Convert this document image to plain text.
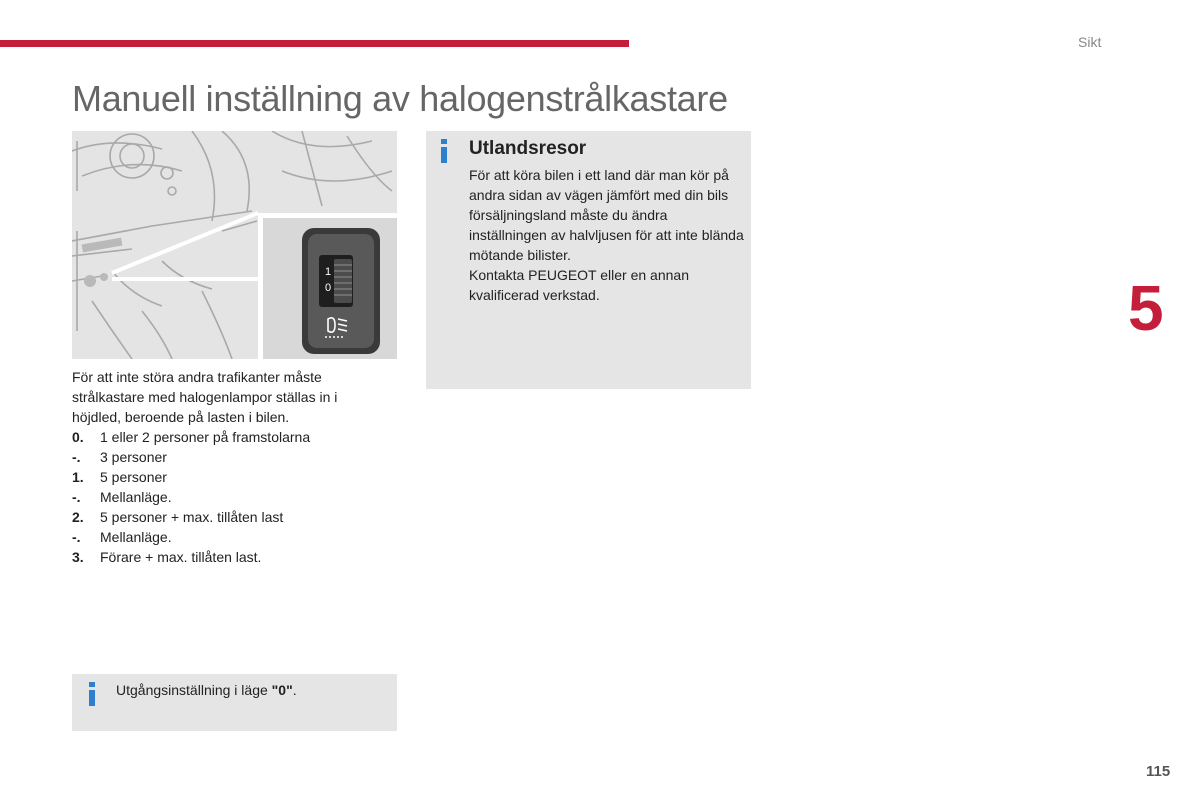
Sikt
Manuell inställning av halogenstrålkastare
5
1
0

För att inte störa andra trafikanter måste strålkastare med halogenlampor ställas in i höjdled, beroende på lasten i bilen.

0.	1 eller 2 personer på framstolarna
-.	3 personer
1.	5 personer
-.	Mellanläge.
2.	5 personer + max. tillåten last
-.	Mellanläge.
3.	Förare + max. tillåten last.
Utlandsresor

För att köra bilen i ett land där man kör på andra sidan av vägen jämfört med din bils försäljningsland måste du ändra inställningen av halvljusen för att inte blända mötande bilister.

Kontakta PEUGEOT eller en annan kvalificerad verkstad.

Utgångsinställning i läge "0".
115
